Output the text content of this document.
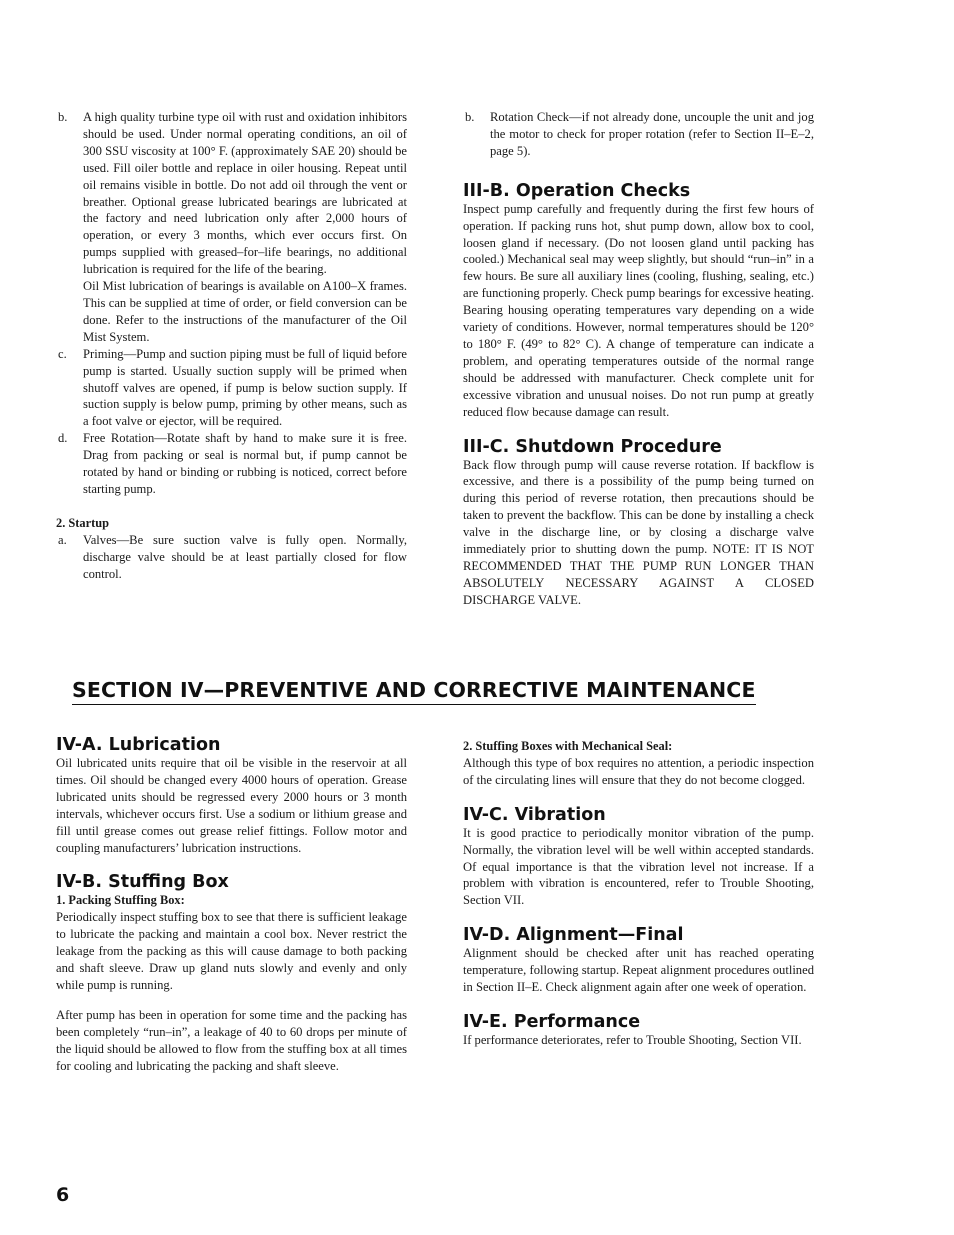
b.	A high quality turbine type oil with rust and oxidation inhibitors should be used. Under normal operating conditions, an oil of 300 SSU viscosity at 100° F. (approximately SAE 20) should be used. Fill oiler bottle and replace in oiler housing. Repeat until oil remains visible in bottle. Do not add oil through the vent or breather. Optional grease lubricated bearings are lubricated at the factory and need lubrication only after 2,000 hours of operation, or every 3 months, which ever occurs first. On pumps supplied with greased–for–life bearings, no additional lubrication is required for the life of the bearing.

Oil Mist lubrication of bearings is available on A100–X frames. This can be supplied at time of order, or field conversion can be done. Refer to the instructions of the manufacturer of the Oil Mist System.

c.	Priming—Pump and suction piping must be full of liquid before pump is started. Usually suction supply will be primed when shutoff valves are opened, if pump is below suction supply. If suction supply is below pump, priming by other means, such as a foot valve or ejector, will be required.

d.	Free Rotation—Rotate shaft by hand to make sure it is free. Drag from packing or seal is normal but, if pump cannot be rotated by hand or binding or rubbing is noticed, correct before starting pump.

2. Startup

a.	Valves—Be sure suction valve is fully open. Normally, discharge valve should be at least partially closed for flow control.

b.	Rotation Check—if not already done, uncouple the unit and jog the motor to check for proper rotation (refer to Section II–E–2, page 5).

III-B. Operation Checks

Inspect pump carefully and frequently during the first few hours of operation. If packing runs hot, shut pump down, allow box to cool, loosen gland if necessary. (Do not loosen gland until packing has cooled.) Mechanical seal may weep slightly, but should “run–in” in a few hours. Be sure all auxiliary lines (cooling, flushing, sealing, etc.) are functioning properly. Check pump bearings for excessive heating. Bearing housing operating temperatures vary depending on a wide variety of conditions. However, normal temperatures should be 120° to 180° F. (49° to 82° C). A change of temperature can indicate a problem, and operating temperatures outside of the normal range should be addressed with manufacturer. Check complete unit for excessive vibration and unusual noises. Do not run pump at greatly reduced flow because damage can result.

III-C. Shutdown Procedure

Back flow through pump will cause reverse rotation. If backflow is excessive, and there is a possibility of the pump being turned on during this period of reverse rotation, then precautions should be taken to prevent the backflow. This can be done by installing a check valve in the discharge line, or by closing a discharge valve immediately prior to shutting down the pump. NOTE: IT IS NOT RECOMMENDED THAT THE PUMP RUN LONGER THAN ABSOLUTELY NECESSARY AGAINST A CLOSED DISCHARGE VALVE.

SECTION IV—PREVENTIVE AND CORRECTIVE MAINTENANCE
IV-A. Lubrication

Oil lubricated units require that oil be visible in the reservoir at all times. Oil should be changed every 4000 hours of operation. Grease lubricated units should be regressed every 2000 hours or 3 month intervals, whichever occurs first. Use a sodium or lithium grease and fill until grease comes out grease relief fittings. Follow motor and coupling manufacturers’ lubrication instructions.

IV-B. Stuffing Box

1. Packing Stuffing Box:

Periodically inspect stuffing box to see that there is sufficient leakage to lubricate the packing and maintain a cool box. Never restrict the leakage from the packing as this will cause damage to both packing and shaft sleeve. Draw up gland nuts slowly and evenly and only while pump is running.

After pump has been in operation for some time and the packing has been completely “run–in”, a leakage of 40 to 60 drops per minute of the liquid should be allowed to flow from the stuffing box at all times for cooling and lubricating the packing and shaft sleeve.

2. Stuffing Boxes with Mechanical Seal:

Although this type of box requires no attention, a periodic inspection of the circulating lines will ensure that they do not become clogged.

IV-C. Vibration

It is good practice to periodically monitor vibration of the pump. Normally, the vibration level will be well within accepted standards. Of equal importance is that the vibration level not increase. If a problem with vibration is encountered, refer to Trouble Shooting, Section VII.

IV-D. Alignment—Final

Alignment should be checked after unit has reached operating temperature, following startup. Repeat alignment procedures outlined in Section II–E. Check alignment again after one week of operation.

IV-E. Performance

If performance deteriorates, refer to Trouble Shooting, Section VII.

6
